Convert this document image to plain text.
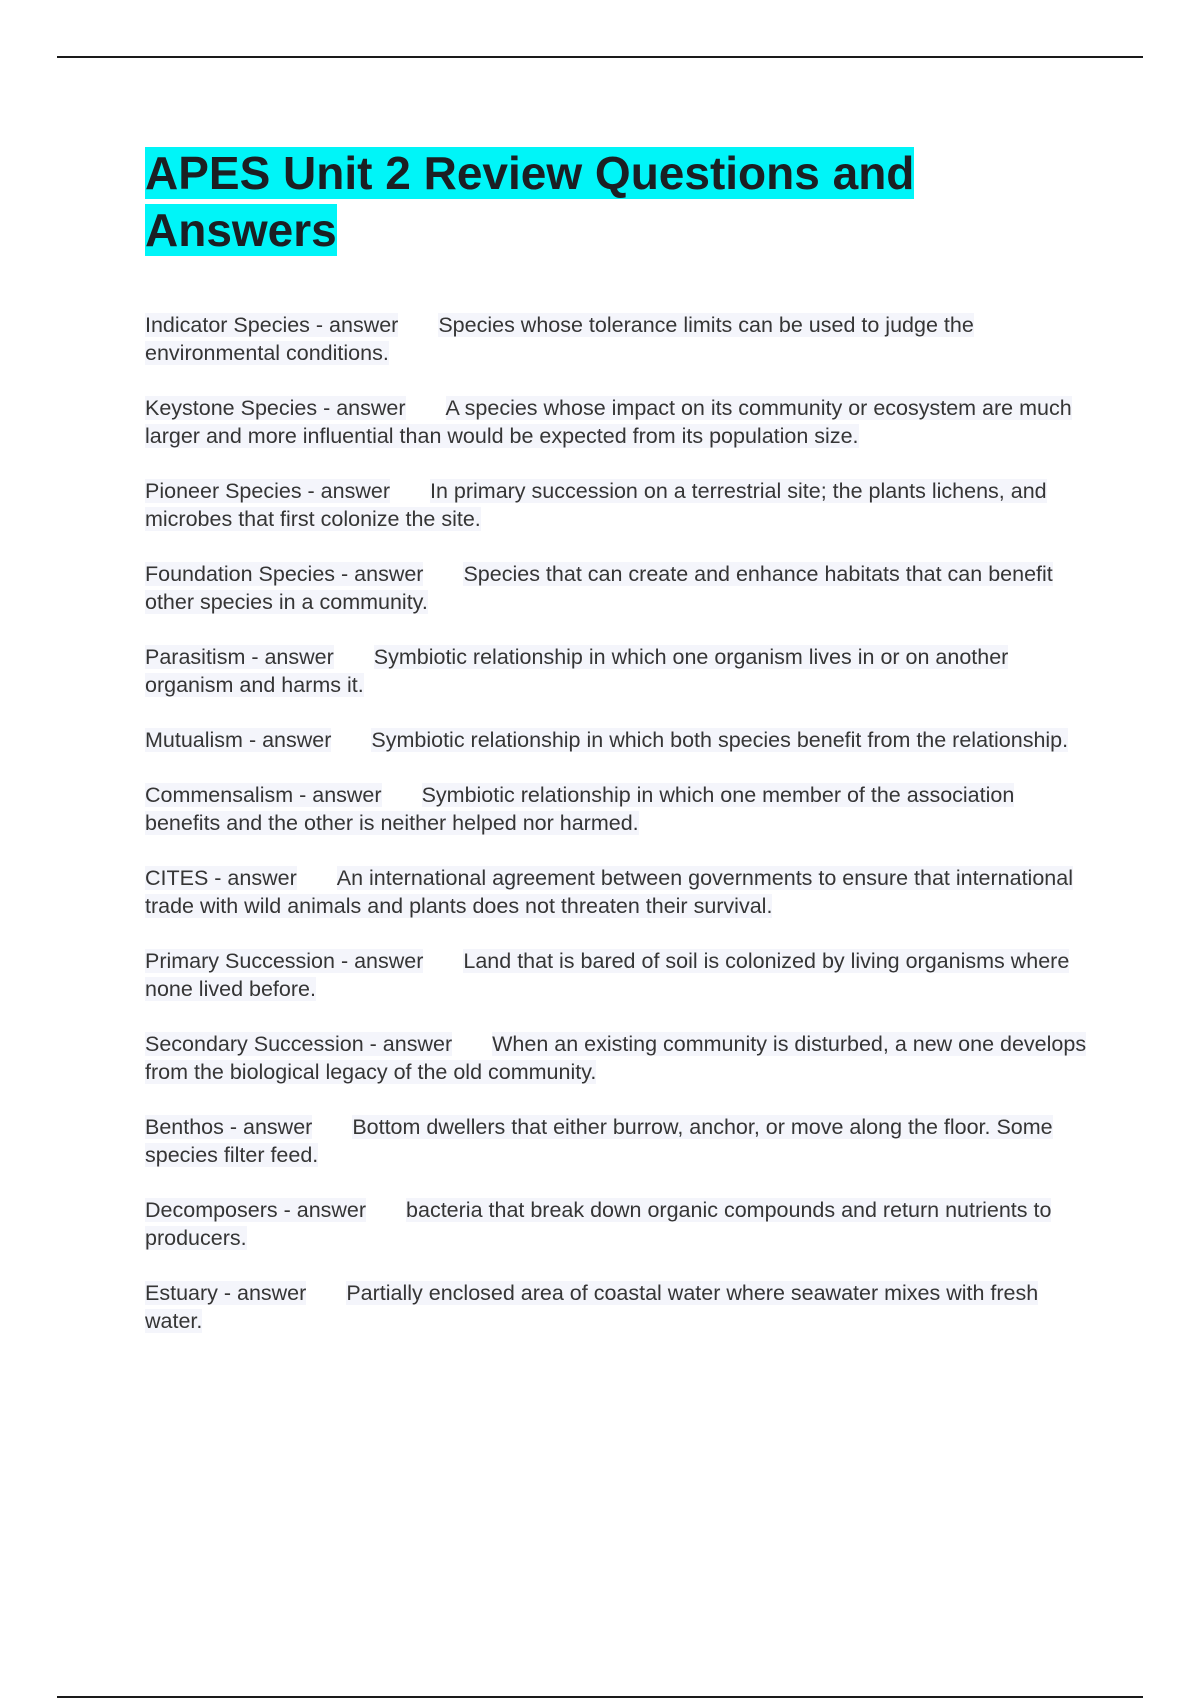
APES Unit 2 Review Questions and Answers
Indicator Species - answer Species whose tolerance limits can be used to judge the environmental conditions.
Keystone Species - answer A species whose impact on its community or ecosystem are much larger and more influential than would be expected from its population size.
Pioneer Species - answer In primary succession on a terrestrial site; the plants lichens, and microbes that first colonize the site.
Foundation Species - answer Species that can create and enhance habitats that can benefit other species in a community.
Parasitism - answer Symbiotic relationship in which one organism lives in or on another organism and harms it.
Mutualism - answer Symbiotic relationship in which both species benefit from the relationship.
Commensalism - answer Symbiotic relationship in which one member of the association benefits and the other is neither helped nor harmed.
CITES - answer An international agreement between governments to ensure that international trade with wild animals and plants does not threaten their survival.
Primary Succession - answer Land that is bared of soil is colonized by living organisms where none lived before.
Secondary Succession - answer When an existing community is disturbed, a new one develops from the biological legacy of the old community.
Benthos - answer Bottom dwellers that either burrow, anchor, or move along the floor. Some species filter feed.
Decomposers - answer bacteria that break down organic compounds and return nutrients to producers.
Estuary - answer Partially enclosed area of coastal water where seawater mixes with fresh water.
